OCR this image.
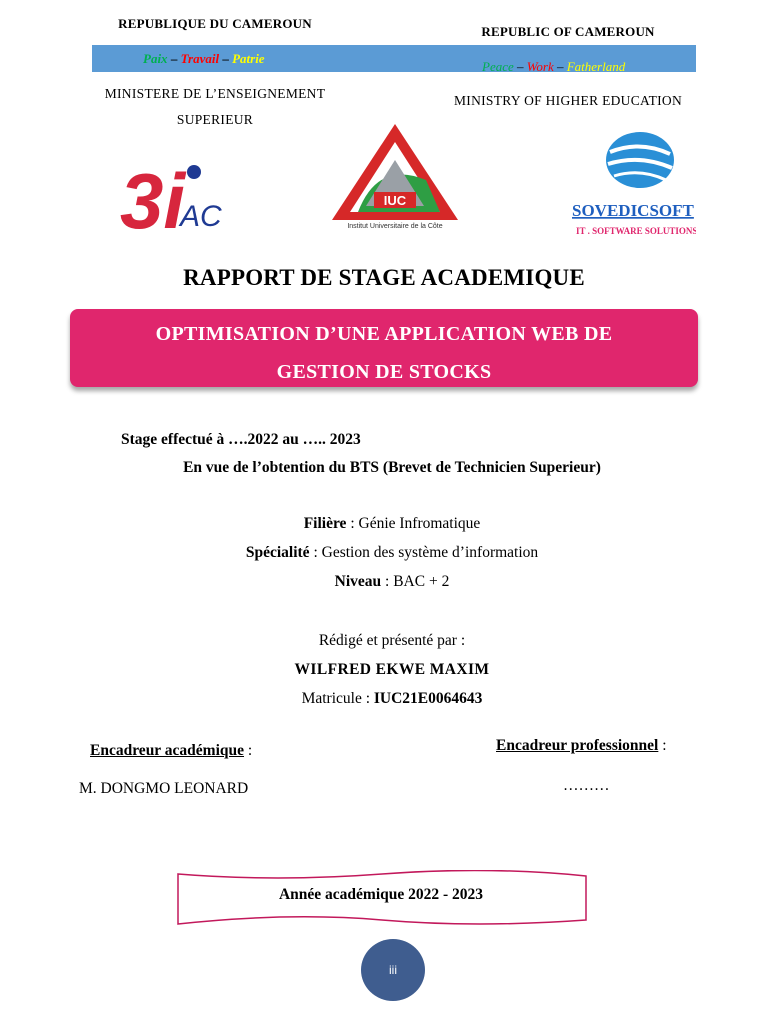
REPUBLIQUE DU CAMEROUN
REPUBLIC OF CAMEROUN
Paix – Travail – Patrie
Peace – Work – Fatherland
MINISTERE DE L’ENSEIGNEMENT
SUPERIEUR
MINISTRY OF HIGHER EDUCATION
3i
AC	IUC
Institut Universitaire de la Côte
SOVEDICSOFT
IT . SOFTWARE SOLUTIONS
RAPPORT DE STAGE ACADEMIQUE
OPTIMISATION D’UNE APPLICATION WEB DE
GESTION DE STOCKS
Stage effectué à ….2022 au ….. 2023
En vue de l’obtention du BTS (Brevet de Technicien Superieur)
Filière : Génie Infromatique
Spécialité : Gestion des système d’information
Niveau : BAC + 2
Rédigé et présenté par :
WILFRED EKWE MAXIM
Matricule : IUC21E0064643
Encadreur académique :	Encadreur professionnel :
M. DONGMO LEONARD	………
Année académique 2022 - 2023
iii
